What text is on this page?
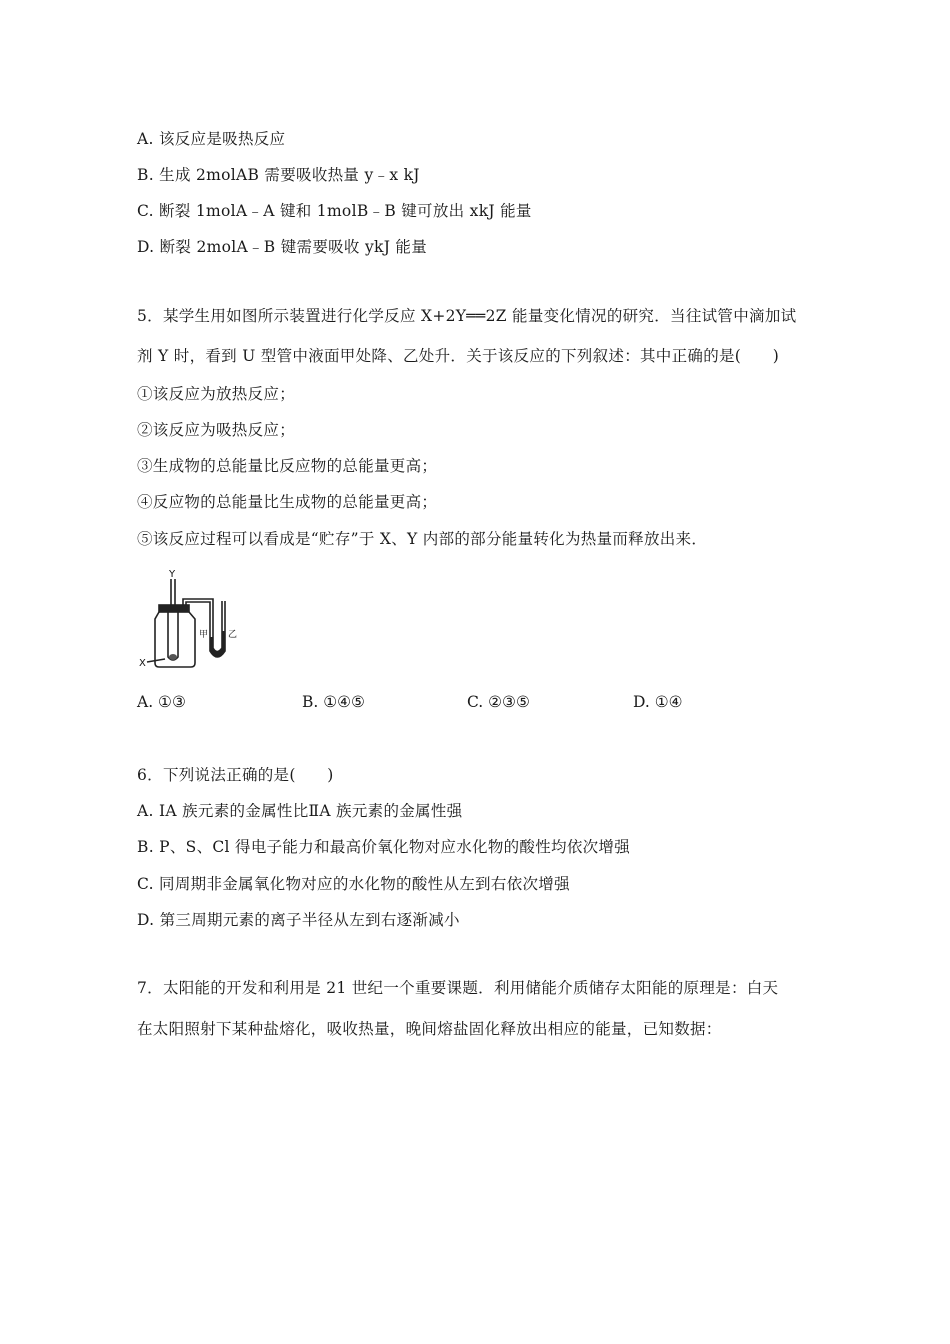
A. 该反应是吸热反应
B. 生成 2molAB 需要吸收热量 y﹣x kJ
C. 断裂 1molA﹣A 键和 1molB﹣B 键可放出 xkJ 能量
D. 断裂 2molA﹣B 键需要吸收 ykJ 能量
5．某学生用如图所示装置进行化学反应 X+2Y══2Z 能量变化情况的研究．当往试管中滴加试
剂 Y 时，看到 U 型管中液面甲处降、乙处升．关于该反应的下列叙述：其中正确的是(　　)
①该反应为放热反应；
②该反应为吸热反应；
③生成物的总能量比反应物的总能量更高；
④反应物的总能量比生成物的总能量更高；
⑤该反应过程可以看成是“贮存”于 X、Y 内部的部分能量转化为热量而释放出来．
Y
X
甲 乙
A. ①③	B. ①④⑤	C. ②③⑤	D. ①④
6．下列说法正确的是(　　)
A. ⅠA 族元素的金属性比ⅡA 族元素的金属性强
B. P、S、Cl 得电子能力和最高价氧化物对应水化物的酸性均依次增强
C. 同周期非金属氧化物对应的水化物的酸性从左到右依次增强
D. 第三周期元素的离子半径从左到右逐渐减小
7．太阳能的开发和利用是 21 世纪一个重要课题．利用储能介质储存太阳能的原理是：白天
在太阳照射下某种盐熔化，吸收热量，晚间熔盐固化释放出相应的能量，已知数据：
